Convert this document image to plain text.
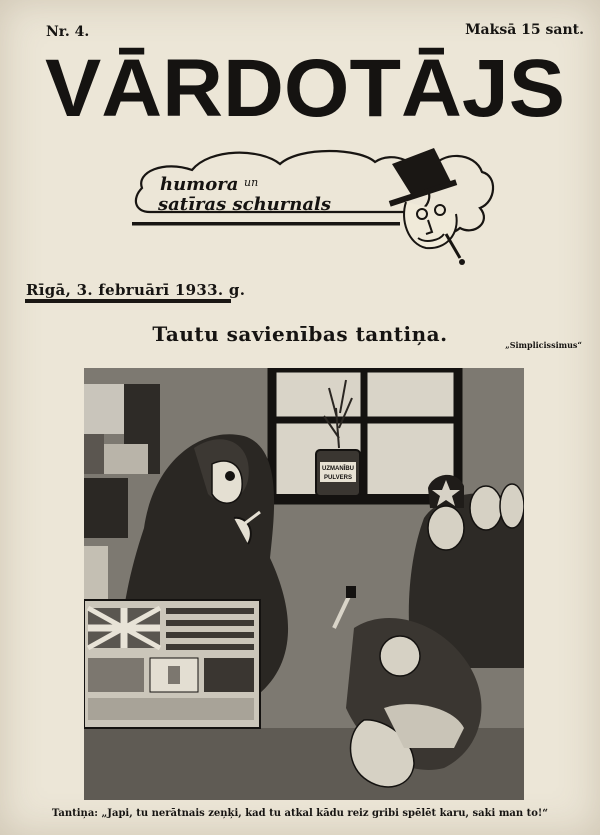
Nr. 4.	Maksā 15 sant.
VĀRDOTĀJS
humora un
satīras schurnals
Rīgā, 3. februārī 1933. g.
Tautu savienības tantiņa.	„Simplicissimus“
UZMANĪBU
PULVERS
Tantiņa: „Japi, tu nerātnais zeņķi, kad tu atkal kādu reiz gribi spēlēt karu, saki man to!“
